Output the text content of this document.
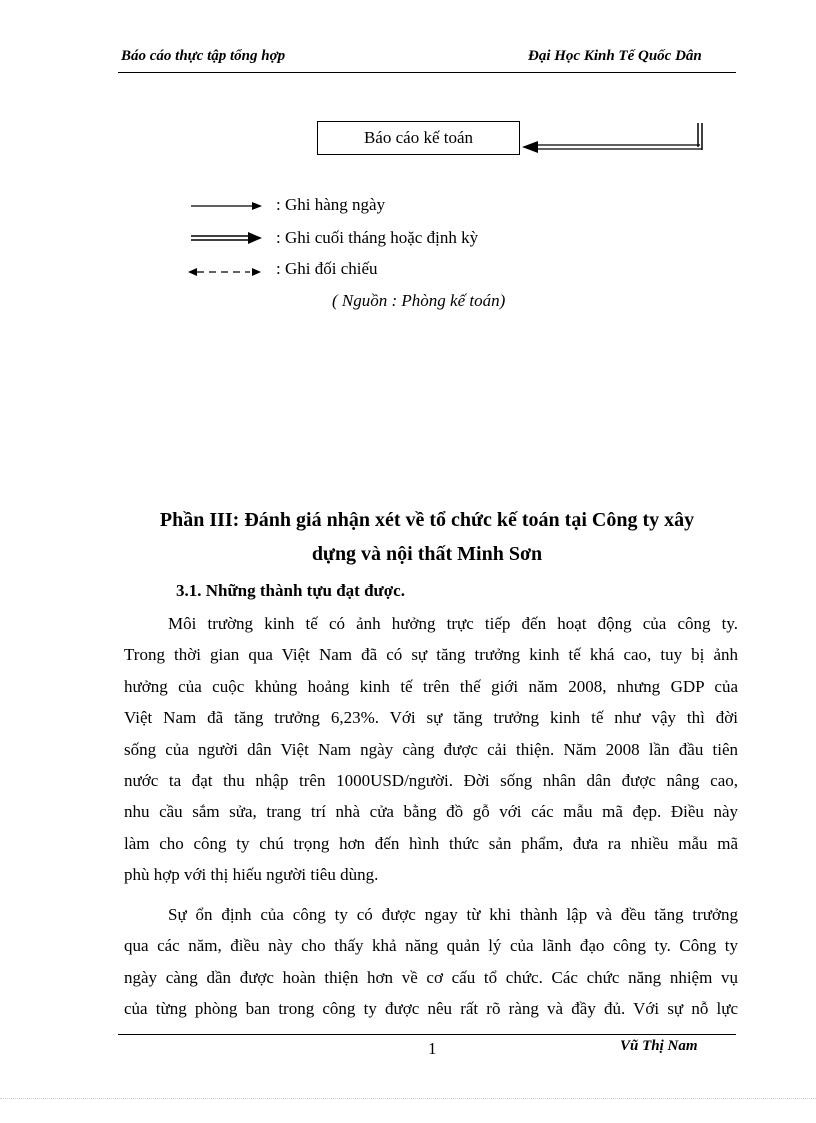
Báo cáo thực tập tổng hợp	Đại Học Kinh Tế Quốc Dân
Báo cáo kế toán
: Ghi hàng ngày
: Ghi cuối tháng hoặc định kỳ
: Ghi đối chiếu
( Nguồn : Phòng kế toán)
Phần III: Đánh giá nhận xét về tổ chức kế toán tại Công ty xây
dựng và nội thất Minh Sơn
3.1. Những thành tựu đạt được.
Môi trường kinh tế có ảnh hưởng trực tiếp đến hoạt động của công ty.
Trong thời gian qua Việt Nam đã có sự tăng trưởng kinh tế khá cao, tuy bị ảnh
hưởng của cuộc khủng hoảng kinh tế trên thế giới năm 2008, nhưng GDP của
Việt Nam đã tăng trưởng 6,23%. Với sự tăng trưởng kinh tế như vậy thì đời
sống của người dân Việt Nam ngày càng được cải thiện. Năm 2008 lần đầu tiên
nước ta đạt thu nhập trên 1000USD/người. Đời sống nhân dân được nâng cao,
nhu cầu sắm sửa, trang trí nhà cửa bằng đồ gỗ với các mẫu mã đẹp. Điều này
làm cho công ty chú trọng hơn đến hình thức sản phẩm, đưa ra nhiều mẫu mã
phù hợp với thị hiếu người tiêu dùng.
Sự ổn định của công ty có được ngay từ khi thành lập và đều tăng trưởng
qua các năm, điều này cho thấy khả năng quản lý của lãnh đạo công ty. Công ty
ngày càng dần được hoàn thiện hơn về cơ cấu tổ chức. Các chức năng nhiệm vụ
của từng phòng ban trong công ty được nêu rất rõ ràng và đầy đủ. Với sự nỗ lực
1	Vũ Thị Nam
